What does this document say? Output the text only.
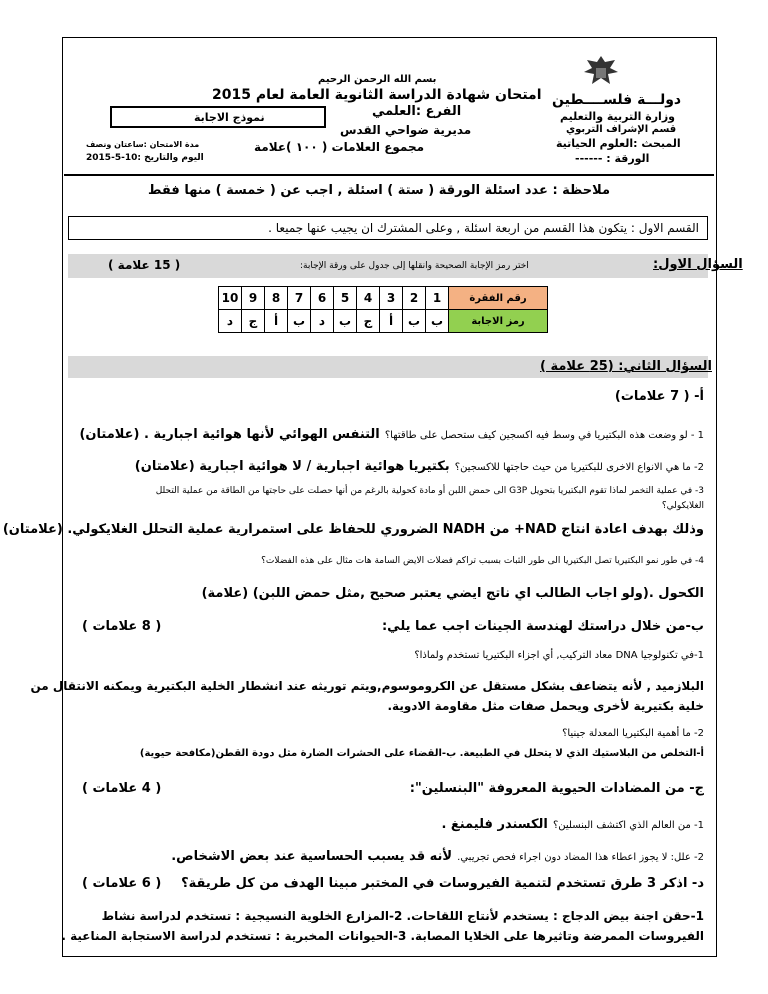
بسم الله الرحمن الرحيم
امتحان شهادة الدراسة الثانوية العامة لعام 2015
الفرع :العلمي
نموذج الاجابة
مديرية ضواحي القدس
مجموع العلامات ( ١٠٠ )علامة
مدة الامتحان :ساعتان ونصف
اليوم والتاريخ :10-5-2015
دولـــة فلســــطين
وزارة التربية والتعليم
قسم الإشراف التربوي
المبحث :العلوم الحياتية
الورقة : ------
ملاحظة : عدد اسئلة الورقة ( ستة ) اسئلة , اجب عن ( خمسة ) منها فقط
القسم الاول : يتكون هذا القسم من اربعة اسئلة , وعلى المشترك ان يجيب عنها جميعا .
السؤال الاول:
اختر رمز الإجابة الصحيحة وانقلها إلى جدول على ورقة الإجابة:
( 15 علامة )
10	9	8	7	6	5	4	3	2	1	رقم الفقرة
د	ج	أ	ب	د	ب	ج	أ	ب	ب	رمز الاجابة
السؤال الثاني: (25 علامة )
أ- ( 7 علامات)
1 - لو وضعت هذه البكتيريا في وسط فيه اكسجين كيف ستحصل على طاقتها؟ التنفس الهوائي لأنها هوائية اجبارية . (علامتان)
2- ما هي الانواع الاخرى للبكتيريا من حيث حاجتها للاكسجين؟ بكتيريا هوائية اجبارية / لا هوائية اجبارية (علامتان)
3- في عملية التخمر لماذا تقوم البكتيريا بتحويل G3P الى حمض اللبن أو مادة كحولية بالرغم من أنها حصلت على حاجتها من الطاقة من عملية التحلل
الغلايكولي؟
وذلك بهدف اعادة انتاج NAD+ من NADH الضروري للحفاظ على استمرارية عملية التحلل الغلايكولي. (علامتان)
4- في طور نمو البكتيريا تصل البكتيريا الى طور الثبات بسبب تراكم فضلات الايض السامة هات مثال على هذه الفضلات؟
الكحول .(ولو اجاب الطالب اي ناتج ايضي يعتبر صحيح ,مثل حمض اللبن) (علامة)
ب-من خلال دراستك لهندسة الجينات اجب عما يلي:
( 8 علامات )
1-في تكنولوجيا DNA معاد التركيب, أي اجزاء البكتيريا تستخدم ولماذا؟
البلازميد , لأنه يتضاعف بشكل مستقل عن الكروموسوم,ويتم توريثه عند انشطار الخلية البكتيرية ويمكنه الانتقال من
خلية بكتيرية لأخرى ويحمل صفات مثل مقاومة الادوية.
2- ما أهمية البكتيريا المعدلة جينيا؟
أ-التخلص من البلاستيك الذي لا يتحلل في الطبيعة. ب-القضاء على الحشرات الضارة مثل دودة القطن(مكافحة حيوية)
ج- من المضادات الحيوية المعروفة "البنسلين":
( 4 علامات )
1- من العالم الذي اكتشف البنسلين؟ الكسندر فليمنغ .
2- علل: لا يجوز اعطاء هذا المضاد دون اجراء فحص تجريبي. لأنه قد يسبب الحساسية عند بعض الاشخاص.
د- اذكر 3 طرق تستخدم لتنمية الفيروسات في المختبر مبينا الهدف من كل طريقة؟
( 6 علامات )
1-حقن اجنة بيض الدجاج : يستخدم لأنتاج اللقاحات. 2-المزارع الخلوية النسيجية : تستخدم لدراسة نشاط
الفيروسات الممرضة وتاثيرها على الخلايا المصابة. 3-الحيوانات المخبرية : تستخدم لدراسة الاستجابة المناعية .
